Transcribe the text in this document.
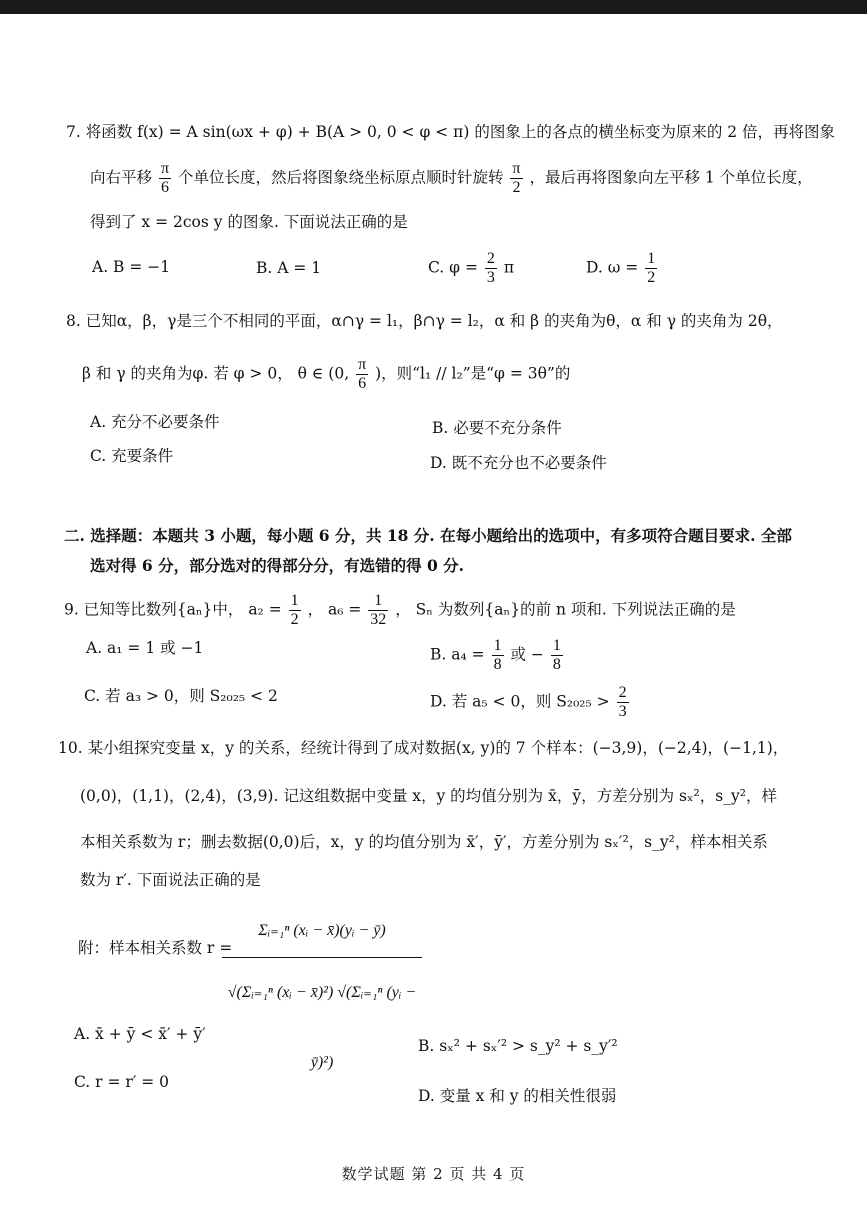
7. 将函数 f(x) = A sin(ωx + φ) + B(A > 0, 0 < φ < π) 的图象上的各点的横坐标变为原来的 2 倍，再将图象
向右平移 $\frac{\pi}{6}$ 个单位长度，然后将图象绕坐标原点顺时针旋转 $\frac{\pi}{2}$ ，最后再将图象向左平移 1 个单位长度，
得到了 x = 2cos y 的图象. 下面说法正确的是
A. B = −1	B. A = 1	C. $\varphi = \frac{2}{3}$ π	D. $\omega = \frac{1}{2}$
8. 已知α，β，γ是三个不相同的平面，α∩γ = l₁，β∩γ = l₂，α 和 β 的夹角为θ，α 和 γ 的夹角为 2θ，
β 和 γ 的夹角为φ. 若 φ > 0， θ ∈ (0, $\frac{\pi}{6}$ )，则“l₁ // l₂”是“φ = 3θ”的
A. 充分不必要条件	B. 必要不充分条件
C. 充要条件	D. 既不充分也不必要条件
二. 选择题：本题共 3 小题，每小题 6 分，共 18 分. 在每小题给出的选项中，有多项符合题目要求. 全部
选对得 6 分，部分选对的得部分分，有选错的得 0 分.
9. 已知等比数列{aₙ}中， $a_2 = \frac{1}{2}$ ， $a_6 = \frac{1}{32}$ ， Sₙ 为数列{aₙ}的前 n 项和. 下列说法正确的是
A. a₁ = 1 或 −1	B. $a_4 = \frac{1}{8}$ 或 − $\frac{1}{8}$
C. 若 a₃ > 0，则 S₂₀₂₅ < 2	D. 若 a₅ < 0，则 $S_{2025} > \frac{2}{3}$
10. 某小组探究变量 x，y 的关系，经统计得到了成对数据(x, y)的 7 个样本：(−3,9)，(−2,4)，(−1,1)，
(0,0)，(1,1)，(2,4)，(3,9). 记这组数据中变量 x，y 的均值分别为 x̄，ȳ，方差分别为 sₓ²，s_y²，样
本相关系数为 r；删去数据(0,0)后，x，y 的均值分别为 x̄′，ȳ′，方差分别为 sₓ′²，s_y²，样本相关系
数为 r′. 下面说法正确的是
附：样本相关系数 r =
$\frac{\text{Σᵢ₌₁ⁿ (xᵢ − x̄)(yᵢ − ȳ)}}{\text{√(Σᵢ₌₁ⁿ (xᵢ − x̄)²) √(Σᵢ₌₁ⁿ (yᵢ − ȳ)²)}}$
A. x̄ + ȳ < x̄′ + ȳ′
B. sₓ² + sₓ′² > s_y² + s_y′²
C. r = r′ = 0
D. 变量 x 和 y 的相关性很弱
数学试题 第 2 页 共 4 页
